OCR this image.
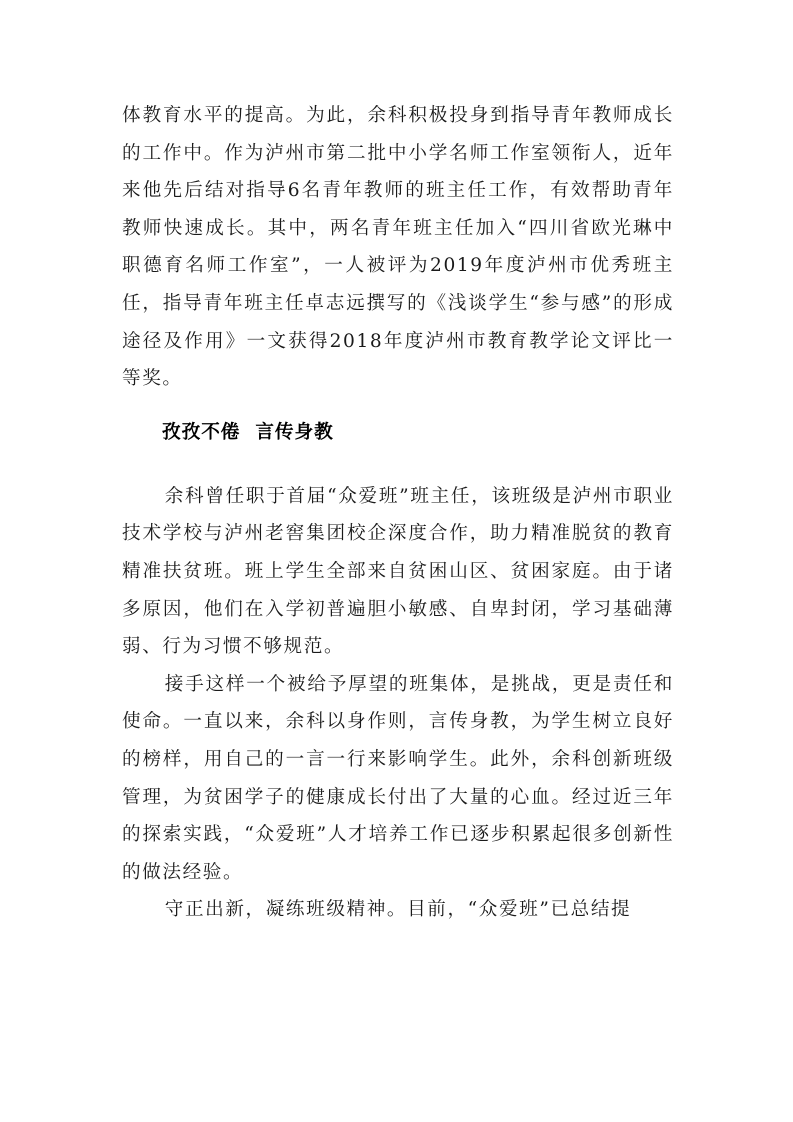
体教育水平的提高。为此，余科积极投身到指导青年教师成长的工作中。作为泸州市第二批中小学名师工作室领衔人，近年来他先后结对指导6名青年教师的班主任工作，有效帮助青年教师快速成长。其中，两名青年班主任加入“四川省欧光琳中职德育名师工作室”，一人被评为2019年度泸州市优秀班主任，指导青年班主任卓志远撰写的《浅谈学生“参与感”的形成途径及作用》一文获得2018年度泸州市教育教学论文评比一等奖。

孜孜不倦  言传身教

余科曾任职于首届“众爱班”班主任，该班级是泸州市职业技术学校与泸州老窖集团校企深度合作，助力精准脱贫的教育精准扶贫班。班上学生全部来自贫困山区、贫困家庭。由于诸多原因，他们在入学初普遍胆小敏感、自卑封闭，学习基础薄弱、行为习惯不够规范。

接手这样一个被给予厚望的班集体，是挑战，更是责任和使命。一直以来，余科以身作则，言传身教，为学生树立良好的榜样，用自己的一言一行来影响学生。此外，余科创新班级管理，为贫困学子的健康成长付出了大量的心血。经过近三年的探索实践，“众爱班”人才培养工作已逐步积累起很多创新性的做法经验。

守正出新，凝练班级精神。目前，“众爱班”已总结提
